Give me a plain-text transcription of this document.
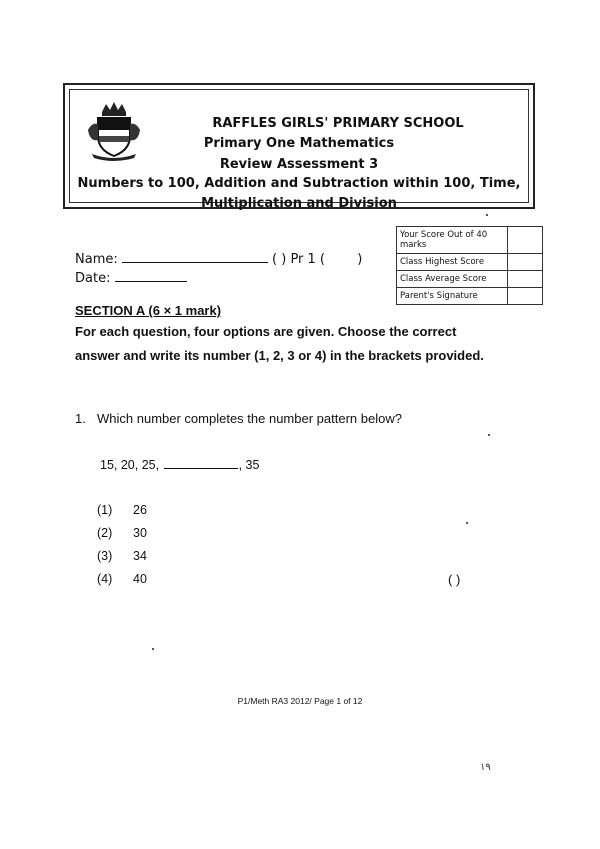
RAFFLES GIRLS' PRIMARY SCHOOL
Primary One Mathematics
Review Assessment 3
Numbers to 100, Addition and Subtraction within 100, Time,
Multiplication and Division
Your Score Out of 40 marks	
Class Highest Score	
Class Average Score	
Parent's Signature	
Name:	( ) Pr 1 ( )
Date:
SECTION A (6 × 1 mark)
For each question, four options are given. Choose the correct answer and write its number (1, 2, 3 or 4) in the brackets provided.
1. Which number completes the number pattern below?
15, 20, 25,	, 35
(1) 26
(2) 30
(3) 34
(4) 40	( )
P1/Meth RA3 2012/ Page 1 of 12
۱۹
